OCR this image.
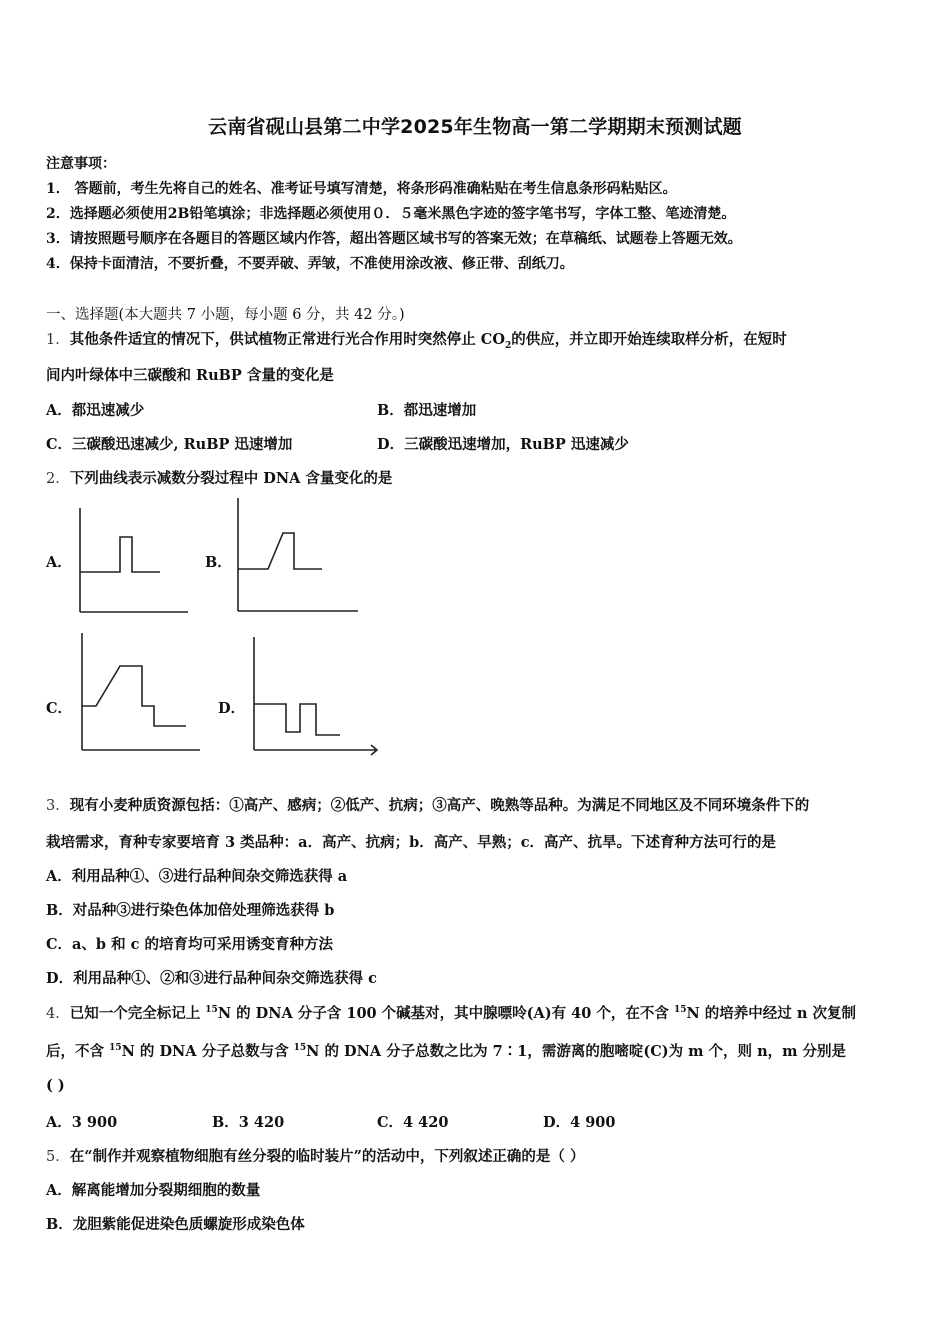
云南省砚山县第二中学2025年生物高一第二学期期末预测试题
注意事项：
1． 答题前，考生先将自己的姓名、准考证号填写清楚，将条形码准确粘贴在考生信息条形码粘贴区。
2．选择题必须使用2B铅笔填涂；非选择题必须使用０．５毫米黑色字迹的签字笔书写，字体工整、笔迹清楚。
3．请按照题号顺序在各题目的答题区域内作答，超出答题区域书写的答案无效；在草稿纸、试题卷上答题无效。
4．保持卡面清洁，不要折叠，不要弄破、弄皱，不准使用涂改液、修正带、刮纸刀。
一、选择题(本大题共 7 小题，每小题 6 分，共 42 分。)
1．其他条件适宜的情况下，供试植物正常进行光合作用时突然停止 $CO_2$的供应，并立即开始连续取样分析，在短时
间内叶绿体中三碳酸和 RuBP 含量的变化是
A．都迅速减少	B．都迅速增加
C．三碳酸迅速减少, RuBP 迅速增加	D．三碳酸迅速增加，RuBP 迅速减少
2．下列曲线表示减数分裂过程中 DNA 含量变化的是
A．	B．
C．	D．
3．现有小麦种质资源包括：①高产、感病；②低产、抗病；③高产、晚熟等品种。为满足不同地区及不同环境条件下的
栽培需求，育种专家要培育 3 类品种：a．高产、抗病；b．高产、早熟；c．高产、抗旱。下述育种方法可行的是
A．利用品种①、③进行品种间杂交筛选获得 a
B．对品种③进行染色体加倍处理筛选获得 b
C．a、b 和 c 的培育均可采用诱变育种方法
D．利用品种①、②和③进行品种间杂交筛选获得 c
4．已知一个完全标记上 $^{15}$N 的 DNA 分子含 100 个碱基对，其中腺嘌呤(A)有 40 个，在不含 $^{15}$N 的培养中经过 n 次复制
后，不含 $^{15}$N 的 DNA 分子总数与含 $^{15}$N 的 DNA 分子总数之比为 7∶1，需游离的胞嘧啶(C)为 m 个，则 n，m 分别是
( )
A．3 900	B．3 420	C．4 420	D．4 900
5．在“制作并观察植物细胞有丝分裂的临时装片”的活动中，下列叙述正确的是（ ）
A．解离能增加分裂期细胞的数量
B．龙胆紫能促进染色质螺旋形成染色体
